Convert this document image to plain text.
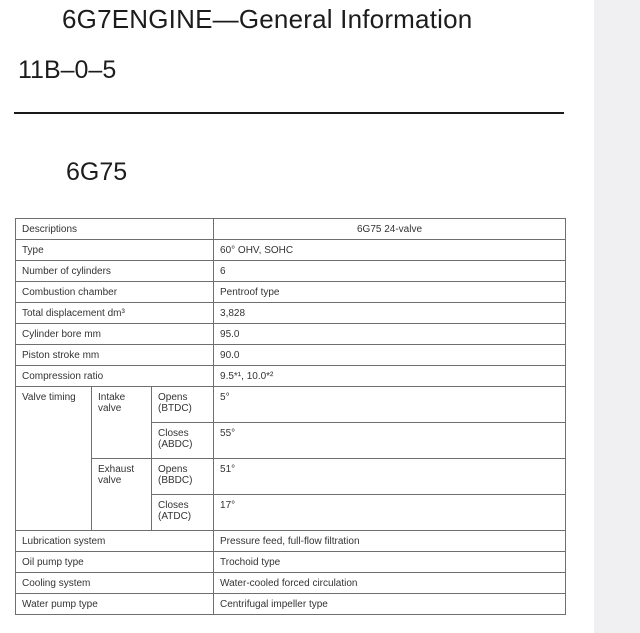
6G7ENGINE—General Information
11B–0–5
6G75
Descriptions			6G75 24-valve
Type			60° OHV, SOHC
Number of cylinders			6
Combustion chamber			Pentroof type
Total displacement dm³			3,828
Cylinder bore mm			95.0
Piston stroke mm			90.0
Compression ratio			9.5*¹, 10.0*²
Valve timing	Intake valve	Opens (BTDC)	5°
		Closes (ABDC)	55°
	Exhaust valve	Opens (BBDC)	51°
		Closes (ATDC)	17°
Lubrication system			Pressure feed, full-flow filtration
Oil pump type			Trochoid type
Cooling system			Water-cooled forced circulation
Water pump type			Centrifugal impeller type
